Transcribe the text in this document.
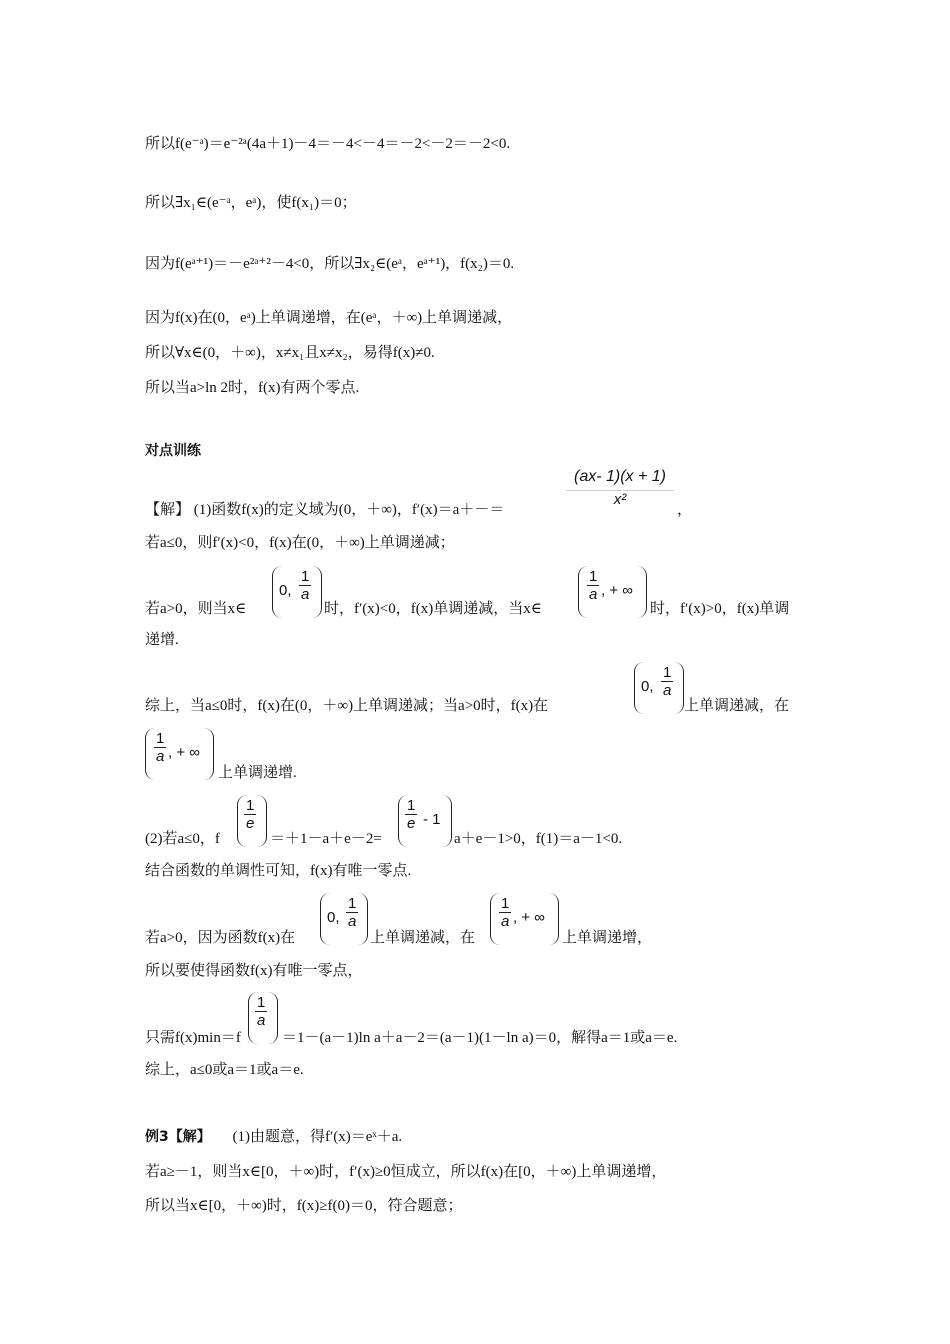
所以f(e⁻ᵃ)＝e⁻²ᵃ(4a＋1)－4＝－4<－4＝－2<－2＝－2<0.
所以∃x₁∈(e⁻ᵃ，eᵃ)，使f(x₁)＝0；
因为f(eᵃ⁺¹)＝－e²ᵃ⁺²－4<0，所以∃x₂∈(eᵃ，eᵃ⁺¹)，f(x₂)＝0.
因为f(x)在(0，eᵃ)上单调递增，在(eᵃ，＋∞)上单调递减，
所以∀x∈(0，＋∞)，x≠x₁且x≠x₂，易得f(x)≠0.
所以当a>ln 2时，f(x)有两个零点.
对点训练
【解】 (1)函数f(x)的定义域为(0，＋∞)，f′(x)＝a＋－＝
(ax- 1)(x + 1)
x²
，
若a≤0，则f′(x)<0，f(x)在(0，＋∞)上单调递减；
若a>0，则当x∈
0, $\frac{1}{a}$
时，f′(x)<0，f(x)单调递减，当x∈
$\frac{1}{a}$ , + ∞
时，f′(x)>0，f(x)单调
递增.
综上，当a≤0时，f(x)在(0，＋∞)上单调递减；当a>0时，f(x)在
0, $\frac{1}{a}$
上单调递减，在
$\frac{1}{a}$ , + ∞
上单调递增.
(2)若a≤0，f
$\frac{1}{e}$
＝＋1－a＋e－2=
$\frac{1}{e} - 1$
a＋e－1>0，f(1)＝a－1<0.
结合函数的单调性可知，f(x)有唯一零点.
若a>0，因为函数f(x)在
0, $\frac{1}{a}$
上单调递减，在
$\frac{1}{a}$ , + ∞
上单调递增，
所以要使得函数f(x)有唯一零点，
只需f(x)min＝f
$\frac{1}{a}$
＝1－(a－1)ln a＋a－2＝(a－1)(1－ln a)＝0，解得a＝1或a＝e.
综上，a≤0或a＝1或a＝e.
例3【解】 (1)由题意，得f′(x)＝eˣ＋a.
若a≥－1，则当x∈[0，＋∞)时，f′(x)≥0恒成立，所以f(x)在[0，＋∞)上单调递增，
所以当x∈[0，＋∞)时，f(x)≥f(0)＝0，符合题意；
